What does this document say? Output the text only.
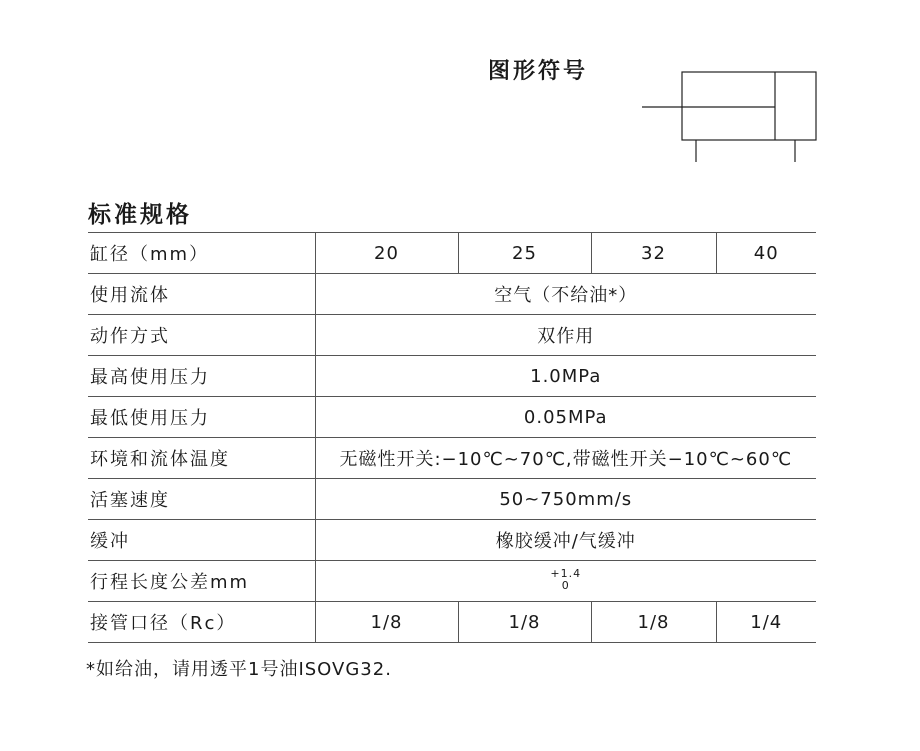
图形符号
标准规格
缸径（mm）	20	25	32	40
使用流体	空气（不给油*）			
动作方式	双作用			
最高使用压力	1.0MPa			
最低使用压力	0.05MPa			
环境和流体温度	无磁性开关:−10℃~70℃,带磁性开关−10℃~60℃			
活塞速度	50~750mm/s			
缓冲	橡胶缓冲/气缓冲			
行程长度公差mm	+1.4
0			

接管口径（Rc）	1/8	1/8	1/8	1/4
*如给油，请用透平1号油ISOVG32.
